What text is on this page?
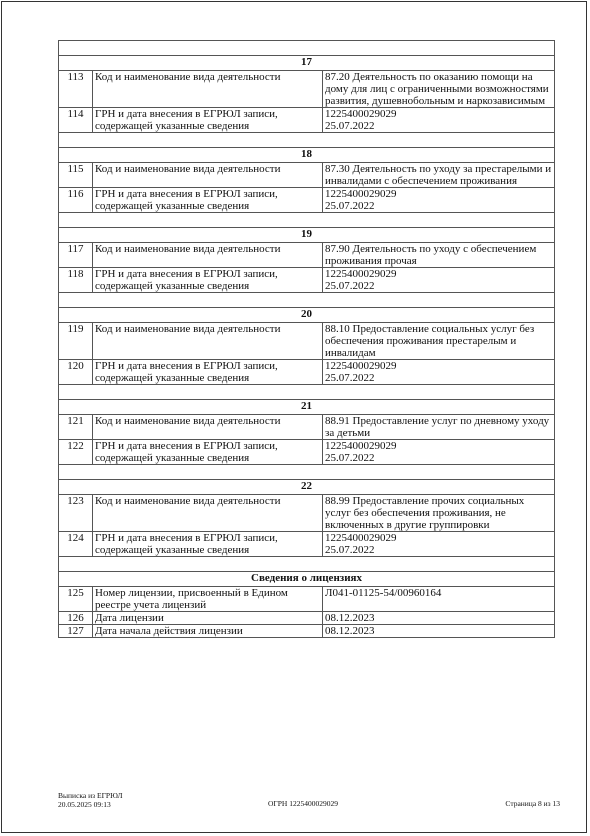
17		
113	Код и наименование вида деятельности	87.20 Деятельность по оказанию помощи на дому для лиц с ограниченными возможностями развития, душевнобольным и наркозависимым
114	ГРН и дата внесения в ЕГРЮЛ записи, содержащей указанные сведения	1225400029029
25.07.2022

18		
115	Код и наименование вида деятельности	87.30 Деятельность по уходу за престарелыми и инвалидами с обеспечением проживания
116	ГРН и дата внесения в ЕГРЮЛ записи, содержащей указанные сведения	1225400029029
25.07.2022

19		
117	Код и наименование вида деятельности	87.90 Деятельность по уходу с обеспечением проживания прочая
118	ГРН и дата внесения в ЕГРЮЛ записи, содержащей указанные сведения	1225400029029
25.07.2022

20		
119	Код и наименование вида деятельности	88.10 Предоставление социальных услуг без обеспечения проживания престарелым и инвалидам
120	ГРН и дата внесения в ЕГРЮЛ записи, содержащей указанные сведения	1225400029029
25.07.2022

21		
121	Код и наименование вида деятельности	88.91 Предоставление услуг по дневному уходу за детьми
122	ГРН и дата внесения в ЕГРЮЛ записи, содержащей указанные сведения	1225400029029
25.07.2022

22		
123	Код и наименование вида деятельности	88.99 Предоставление прочих социальных услуг без обеспечения проживания, не включенных в другие группировки
124	ГРН и дата внесения в ЕГРЮЛ записи, содержащей указанные сведения	1225400029029
25.07.2022

Сведения о лицензиях		
125	Номер лицензии, присвоенный в Едином реестре учета лицензий	Л041-01125-54/00960164
126	Дата лицензии	08.12.2023
127	Дата начала действия лицензии	08.12.2023
Выписка из ЕГРЮЛ
20.05.2025 09:13	ОГРН 1225400029029	Страница 8 из 13
